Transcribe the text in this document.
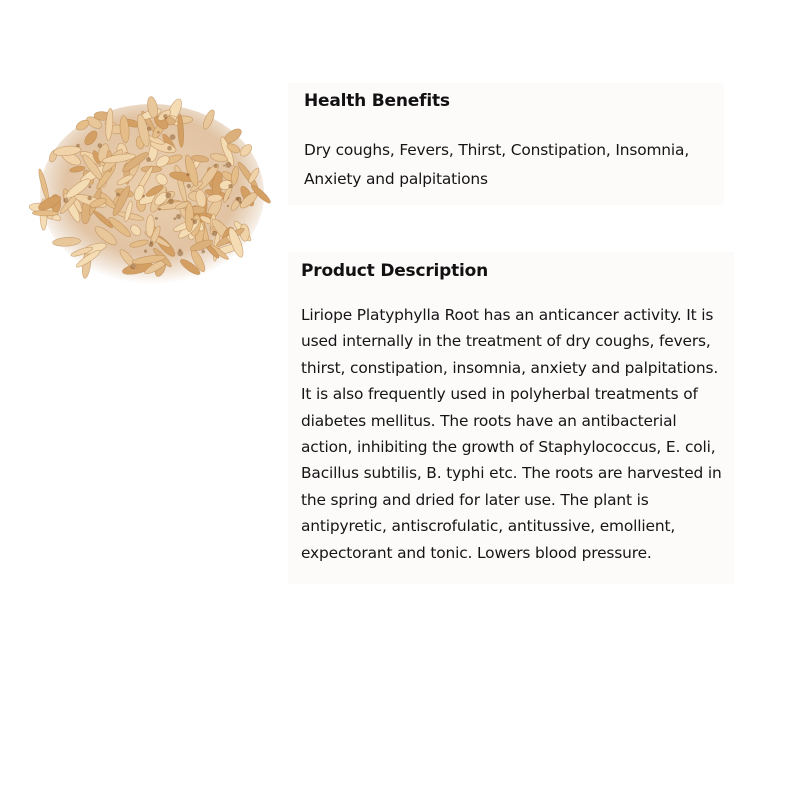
Health Benefits
Dry coughs, Fevers, Thirst, Constipation, Insomnia, Anxiety and palpitations
Product Description
Liriope Platyphylla Root has an anticancer activity. It is used internally in the treatment of dry coughs, fevers, thirst, constipation, insomnia, anxiety and palpitations. It is also frequently used in polyherbal treatments of diabetes mellitus. The roots have an antibacterial action, inhibiting the growth of Staphylococcus, E. coli, Bacillus subtilis, B. typhi etc. The roots are harvested in the spring and dried for later use. The plant is antipyretic, antiscrofulatic, antitussive, emollient, expectorant and tonic. Lowers blood pressure.
